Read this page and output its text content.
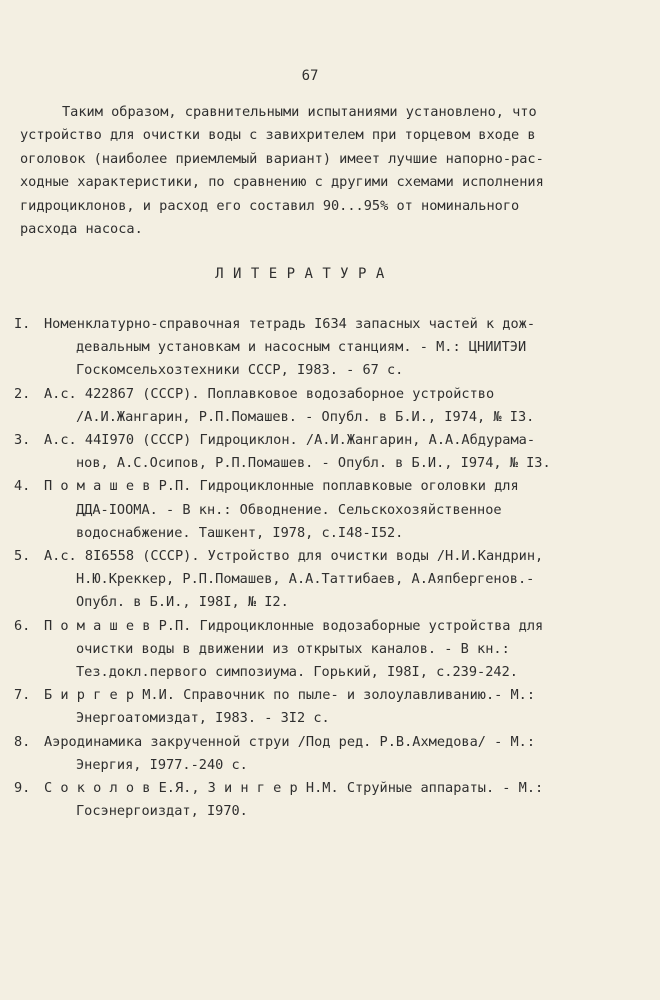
67
Таким образом, сравнительными испытаниями установлено, что
устройство для очистки воды с завихрителем при торцевом входе в
оголовок (наиболее приемлемый вариант) имеет лучшие напорно-рас-
ходные характеристики, по сравнению с другими схемами исполнения
гидроциклонов, и расход его составил 90...95% от номинального
расхода насоса.
Л И Т Е Р А Т У Р А
I.	Номенклатурно-справочная тетрадь I634 запасных частей к дож-
девальным установкам и насосным станциям. - М.: ЦНИИТЭИ
Госкомсельхозтехники СССР, I983. - 67 с.
2.	А.с. 422867 (СССР). Поплавковое водозаборное устройство
/А.И.Жангарин, Р.П.Помашев. - Опубл. в Б.И., I974, № I3.
3.	А.с. 44I970 (СССР) Гидроциклон. /А.И.Жангарин, А.А.Абдурама-
нов, А.С.Осипов, Р.П.Помашев. - Опубл. в Б.И., I974, № I3.
4.	П о м а ш е в Р.П. Гидроциклонные поплавковые оголовки для
ДДА-IOOМА. - В кн.: Обводнение. Сельскохозяйственное
водоснабжение. Ташкент, I978, с.I48-I52.
5.	А.с. 8I6558 (СССР). Устройство для очистки воды /Н.И.Кандрин,
Н.Ю.Креккер, Р.П.Помашев, А.А.Таттибаев, А.Аяпбергенов.-
Опубл. в Б.И., I98I, № I2.
6.	П о м а ш е в Р.П. Гидроциклонные водозаборные устройства для
очистки воды в движении из открытых каналов. - В кн.:
Тез.докл.первого симпозиума. Горький, I98I, с.239-242.
7.	Б и р г е р М.И. Справочник по пыле- и золоулавливанию.- М.:
Энергоатомиздат, I983. - 3I2 с.
8.	Аэродинамика закрученной струи /Под ред. Р.В.Ахмедова/ - М.:
Энергия, I977.-240 с.
9.	С о к о л о в Е.Я., З и н г е р Н.М. Струйные аппараты. - М.:
Госэнергоиздат, I970.
